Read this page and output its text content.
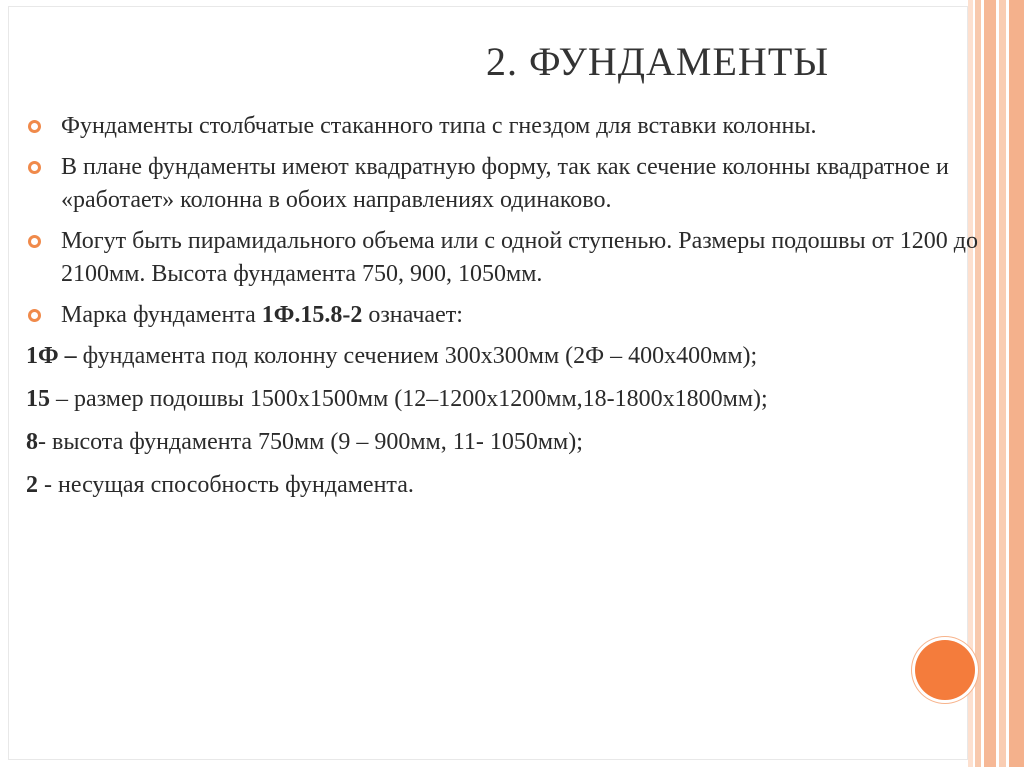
2. ФУНДАМЕНТЫ
Фундаменты столбчатые стаканного типа с гнездом для вставки колонны.
В плане фундаменты имеют квадратную форму, так как сечение колонны квадратное и «работает» колонна в обоих направлениях одинаково.
Могут быть пирамидального объема или с одной ступенью. Размеры подошвы от 1200 до 2100мм. Высота фундамента 750, 900, 1050мм.
Марка фундамента 1Ф.15.8-2 означает:
1Ф – фундамента под колонну сечением 300х300мм (2Ф – 400х400мм);
15 – размер подошвы 1500х1500мм (12–1200х1200мм,18-1800х1800мм);
8- высота фундамента 750мм (9 – 900мм, 11- 1050мм);
2 - несущая способность фундамента.
